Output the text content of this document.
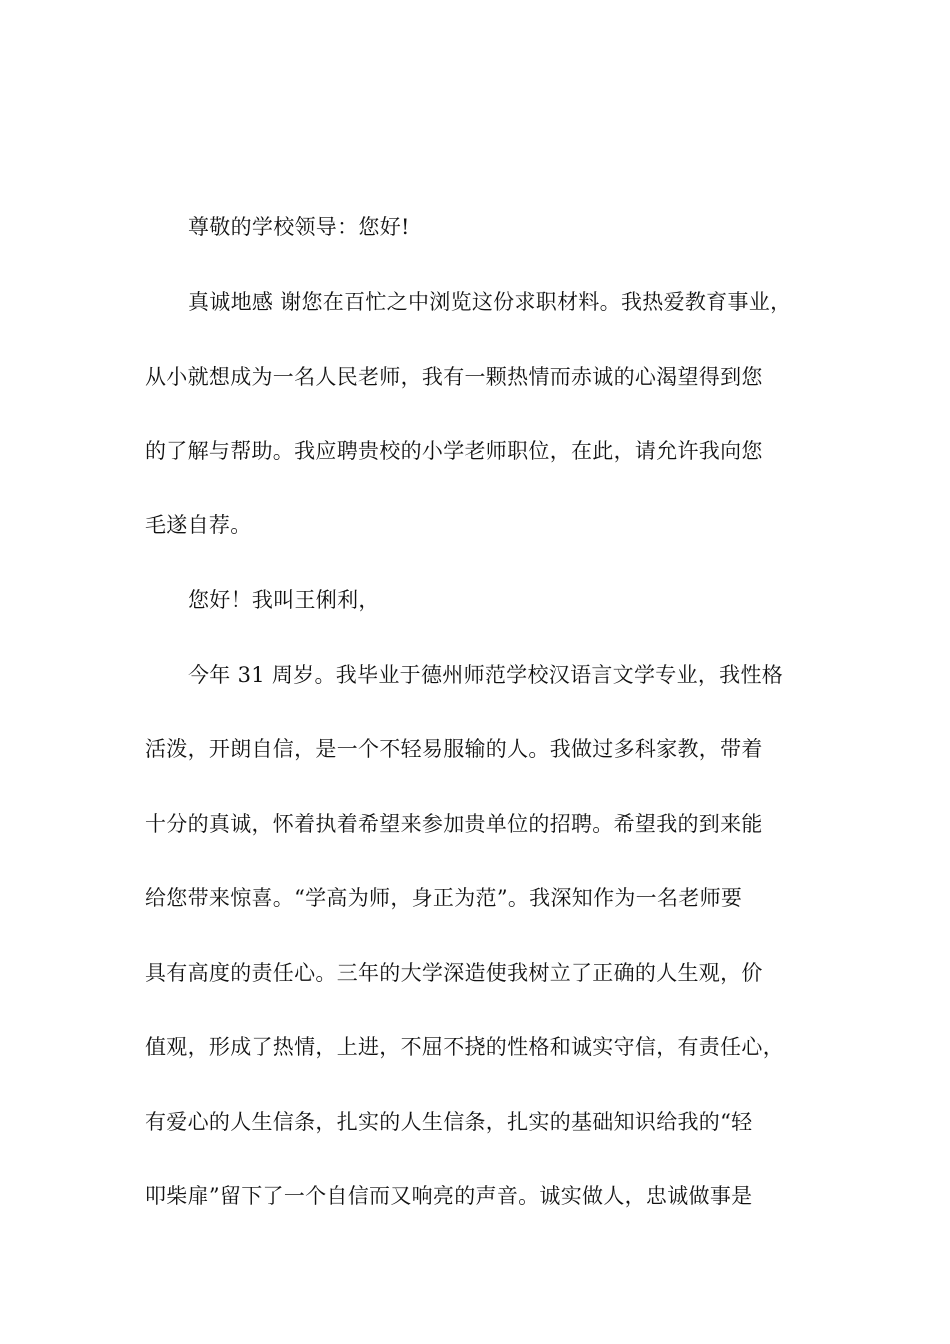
尊敬的学校领导：您好!
真诚地感 谢您在百忙之中浏览这份求职材料。我热爱教育事业，
从小就想成为一名人民老师，我有一颗热情而赤诚的心渴望得到您
的了解与帮助。我应聘贵校的小学老师职位，在此，请允许我向您
毛遂自荐。
您好！我叫王俐利，
今年 31 周岁。我毕业于德州师范学校汉语言文学专业，我性格
活泼，开朗自信，是一个不轻易服输的人。我做过多科家教，带着
十分的真诚，怀着执着希望来参加贵单位的招聘。希望我的到来能
给您带来惊喜。“学高为师，身正为范”。我深知作为一名老师要
具有高度的责任心。三年的大学深造使我树立了正确的人生观，价
值观，形成了热情，上进，不屈不挠的性格和诚实守信，有责任心，
有爱心的人生信条，扎实的人生信条，扎实的基础知识给我的“轻
叩柴扉”留下了一个自信而又响亮的声音。诚实做人，忠诚做事是
